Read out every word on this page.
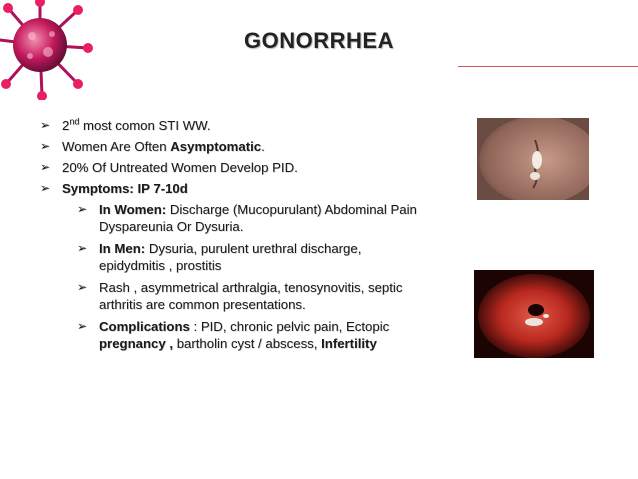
GONORRHEA
➢ 2nd most comon STI WW.
➢ Women Are Often Asymptomatic.
➢ 20% Of Untreated Women Develop PID.
➢ Symptoms: IP 7-10d
➢ In Women: Discharge (Mucopurulant) Abdominal Pain Dyspareunia Or Dysuria.
➢ In Men: Dysuria, purulent urethral discharge, epidydmitis , prostitis
➢ Rash , asymmetrical arthralgia, tenosynovitis, septic arthritis are common presentations.
➢ Complications : PID, chronic pelvic pain, Ectopic pregnancy , bartholin cyst / abscess, Infertility
